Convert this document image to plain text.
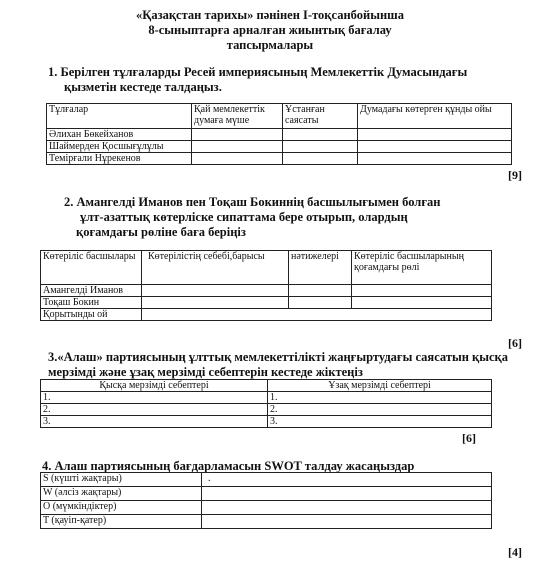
«Қазақстан тарихы» пәнінен І-тоқсанбойынша
8-сыныптарға арналған жиынтық бағалау
тапсырмалары
1. Берілген тұлғаларды Ресей империясының Мемлекеттік Думасындағы
қызметін кестеде талдаңыз.
Тұлғалар	Қай мемлекеттік думаға мүше	Ұстанған саясаты	Думадағы көтерген құнды ойы
Әлихан Бөкейханов			
Шаймерден Қосшығұлұлы			
Темірғали Нұрекенов			
[9]
2. Амангелді Иманов пен Тоқаш Бокиннің басшылығымен болған
ұлт-азаттық көтерліске сипаттама бере отырып, олардың
қоғамдағы рөліне баға беріңіз
Көтеріліс басшылары	Көтерілістің себебі,барысы	нәтижелері	Көтеріліс басшыларының қоғамдағы рөлі
Амангелді Иманов			
Тоқаш Бокин			
Қорытынды ой			
[6]
3.«Алаш» партиясының ұлттық мемлекеттілікті жаңғыртудағы саясатын қысқа
мерзімді және ұзақ мерзімді себептерін кестеде жіктеңіз
Қысқа мерзімді себептері	Ұзақ мерзімді себептері
1.	1.
2.	2.
3.	3.
[6]
4. Алаш партиясының бағдарламасын SWOT талдау жасаңыздар
S (күшті жақтары)	.
W (әлсіз жақтары)	
O (мүмкіндіктер)	
T (қауіп-қатер)	
[4]
